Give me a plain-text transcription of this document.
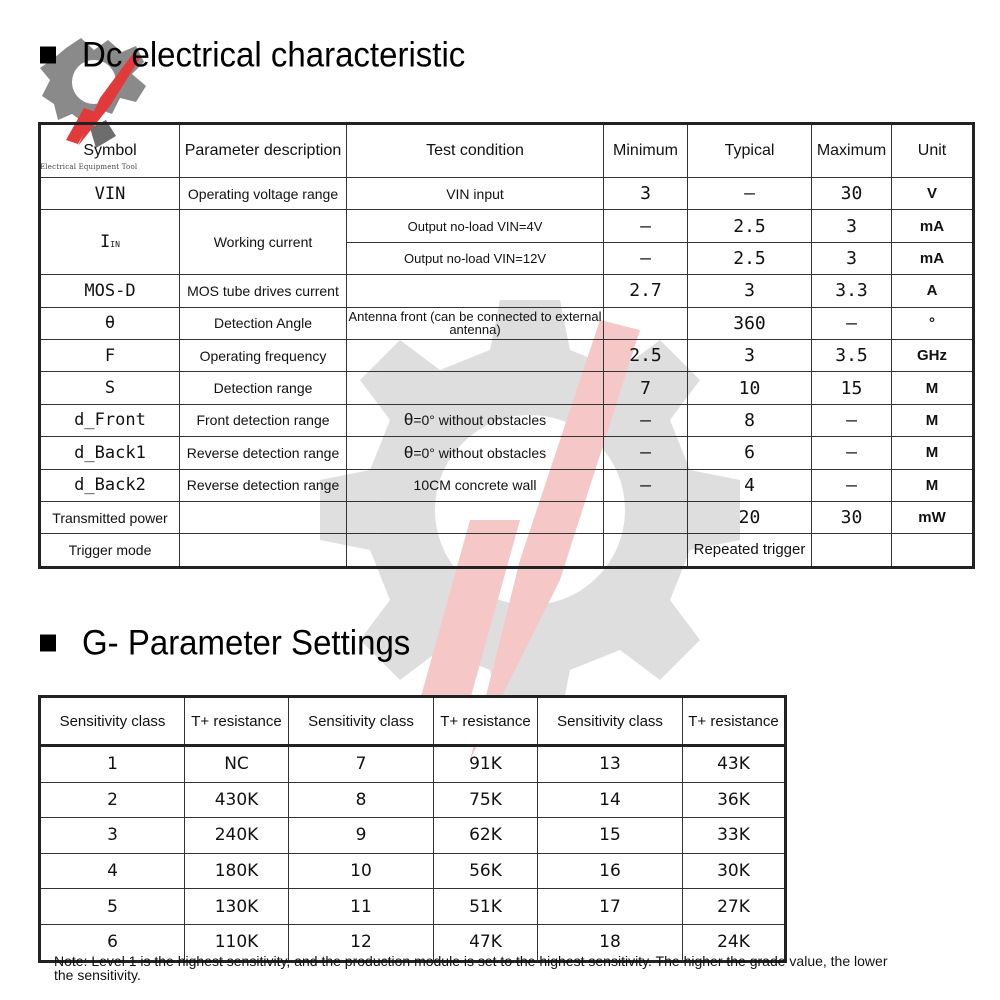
Electrical Equipment Tool
Dc electrical characteristic
Symbol	Parameter description	Test condition	Minimum	Typical	Maximum	Unit
VIN	Operating voltage range	VIN input	3	–	30	V
IIN	Working current	Output no-load VIN=4V	–	2.5	3	mA
		Output no-load VIN=12V	–	2.5	3	mA
MOS-D	MOS tube drives current		2.7	3	3.3	A
θ	Detection Angle	Antenna front (can be connected to external antenna)		360	–	°
F	Operating frequency		2.5	3	3.5	GHz
S	Detection range		7	10	15	M
d_Front	Front detection range	θ=0° without obstacles	–	8	–	M
d_Back1	Reverse detection range	θ=0° without obstacles	–	6	–	M
d_Back2	Reverse detection range	10CM concrete wall	–	4	–	M
Transmitted power				20	30	mW
Trigger mode				Repeated trigger		
G- Parameter Settings
Sensitivity class	T+ resistance	Sensitivity class	T+ resistance	Sensitivity class	T+ resistance
1	NC	7	91K	13	43K
2	430K	8	75K	14	36K
3	240K	9	62K	15	33K
4	180K	10	56K	16	30K
5	130K	11	51K	17	27K
6	110K	12	47K	18	24K
Note: Level 1 is the highest sensitivity, and the production module is set to the highest sensitivity. The higher the grade value, the lower the sensitivity.
